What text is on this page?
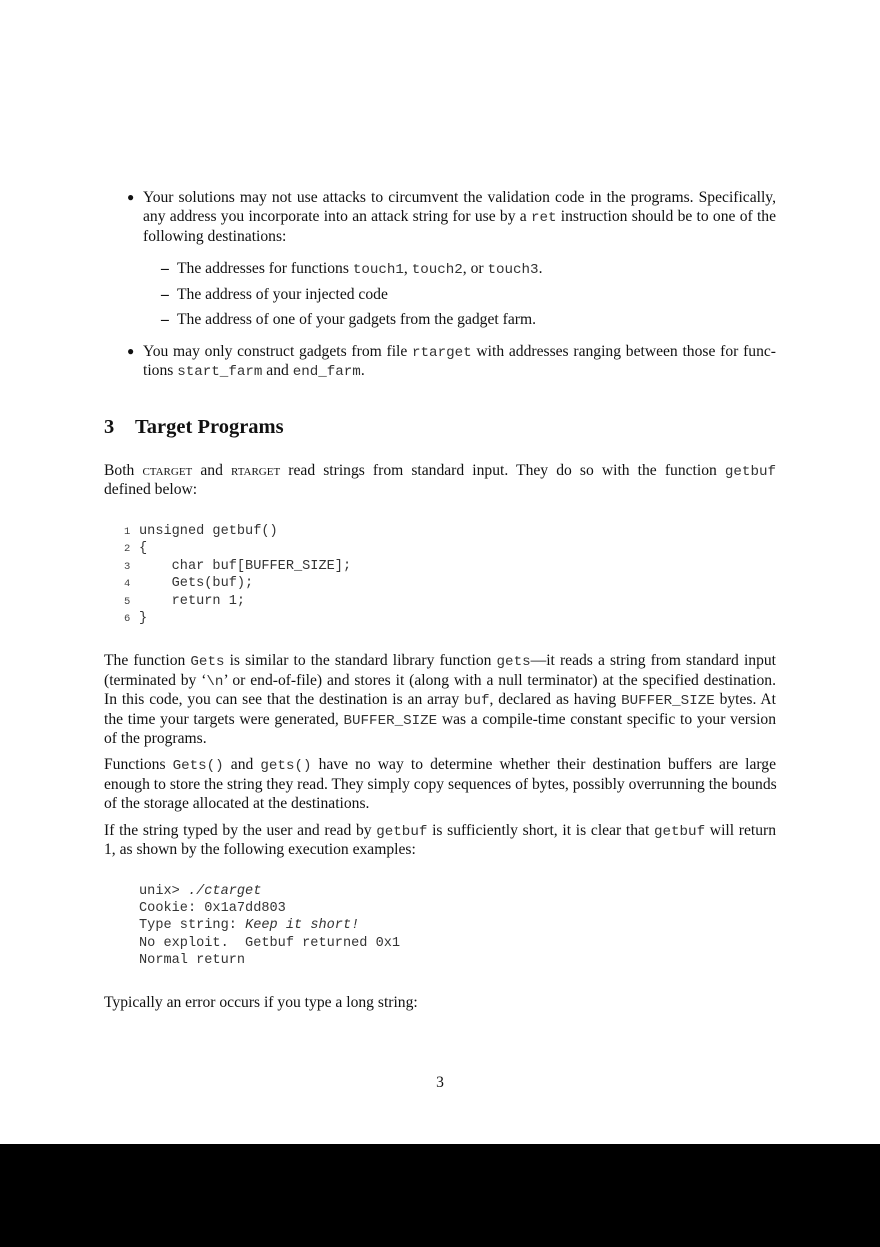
● Your solutions may not use attacks to circumvent the validation code in the programs. Specifically,
any address you incorporate into an attack string for use by a ret instruction should be to one of the
following destinations:
– The addresses for functions touch1, touch2, or touch3.
– The address of your injected code
– The address of one of your gadgets from the gadget farm.
● You may only construct gadgets from file rtarget with addresses ranging between those for func-
tions start_farm and end_farm.
3 Target Programs
Both ctarget and rtarget read strings from standard input. They do so with the function getbuf
defined below:
1 unsigned getbuf()
2 {
3    char buf[BUFFER_SIZE];
4    Gets(buf);
5    return 1;
6 }
The function Gets is similar to the standard library function gets—it reads a string from standard input
(terminated by ‘\n’ or end-of-file) and stores it (along with a null terminator) at the specified destination.
In this code, you can see that the destination is an array buf, declared as having BUFFER_SIZE bytes. At
the time your targets were generated, BUFFER_SIZE was a compile-time constant specific to your version
of the programs.
Functions Gets() and gets() have no way to determine whether their destination buffers are large
enough to store the string they read. They simply copy sequences of bytes, possibly overrunning the bounds
of the storage allocated at the destinations.
If the string typed by the user and read by getbuf is sufficiently short, it is clear that getbuf will return
1, as shown by the following execution examples:
unix> ./ctarget
Cookie: 0x1a7dd803
Type string: Keep it short!
No exploit.  Getbuf returned 0x1
Normal return
Typically an error occurs if you type a long string:
3
